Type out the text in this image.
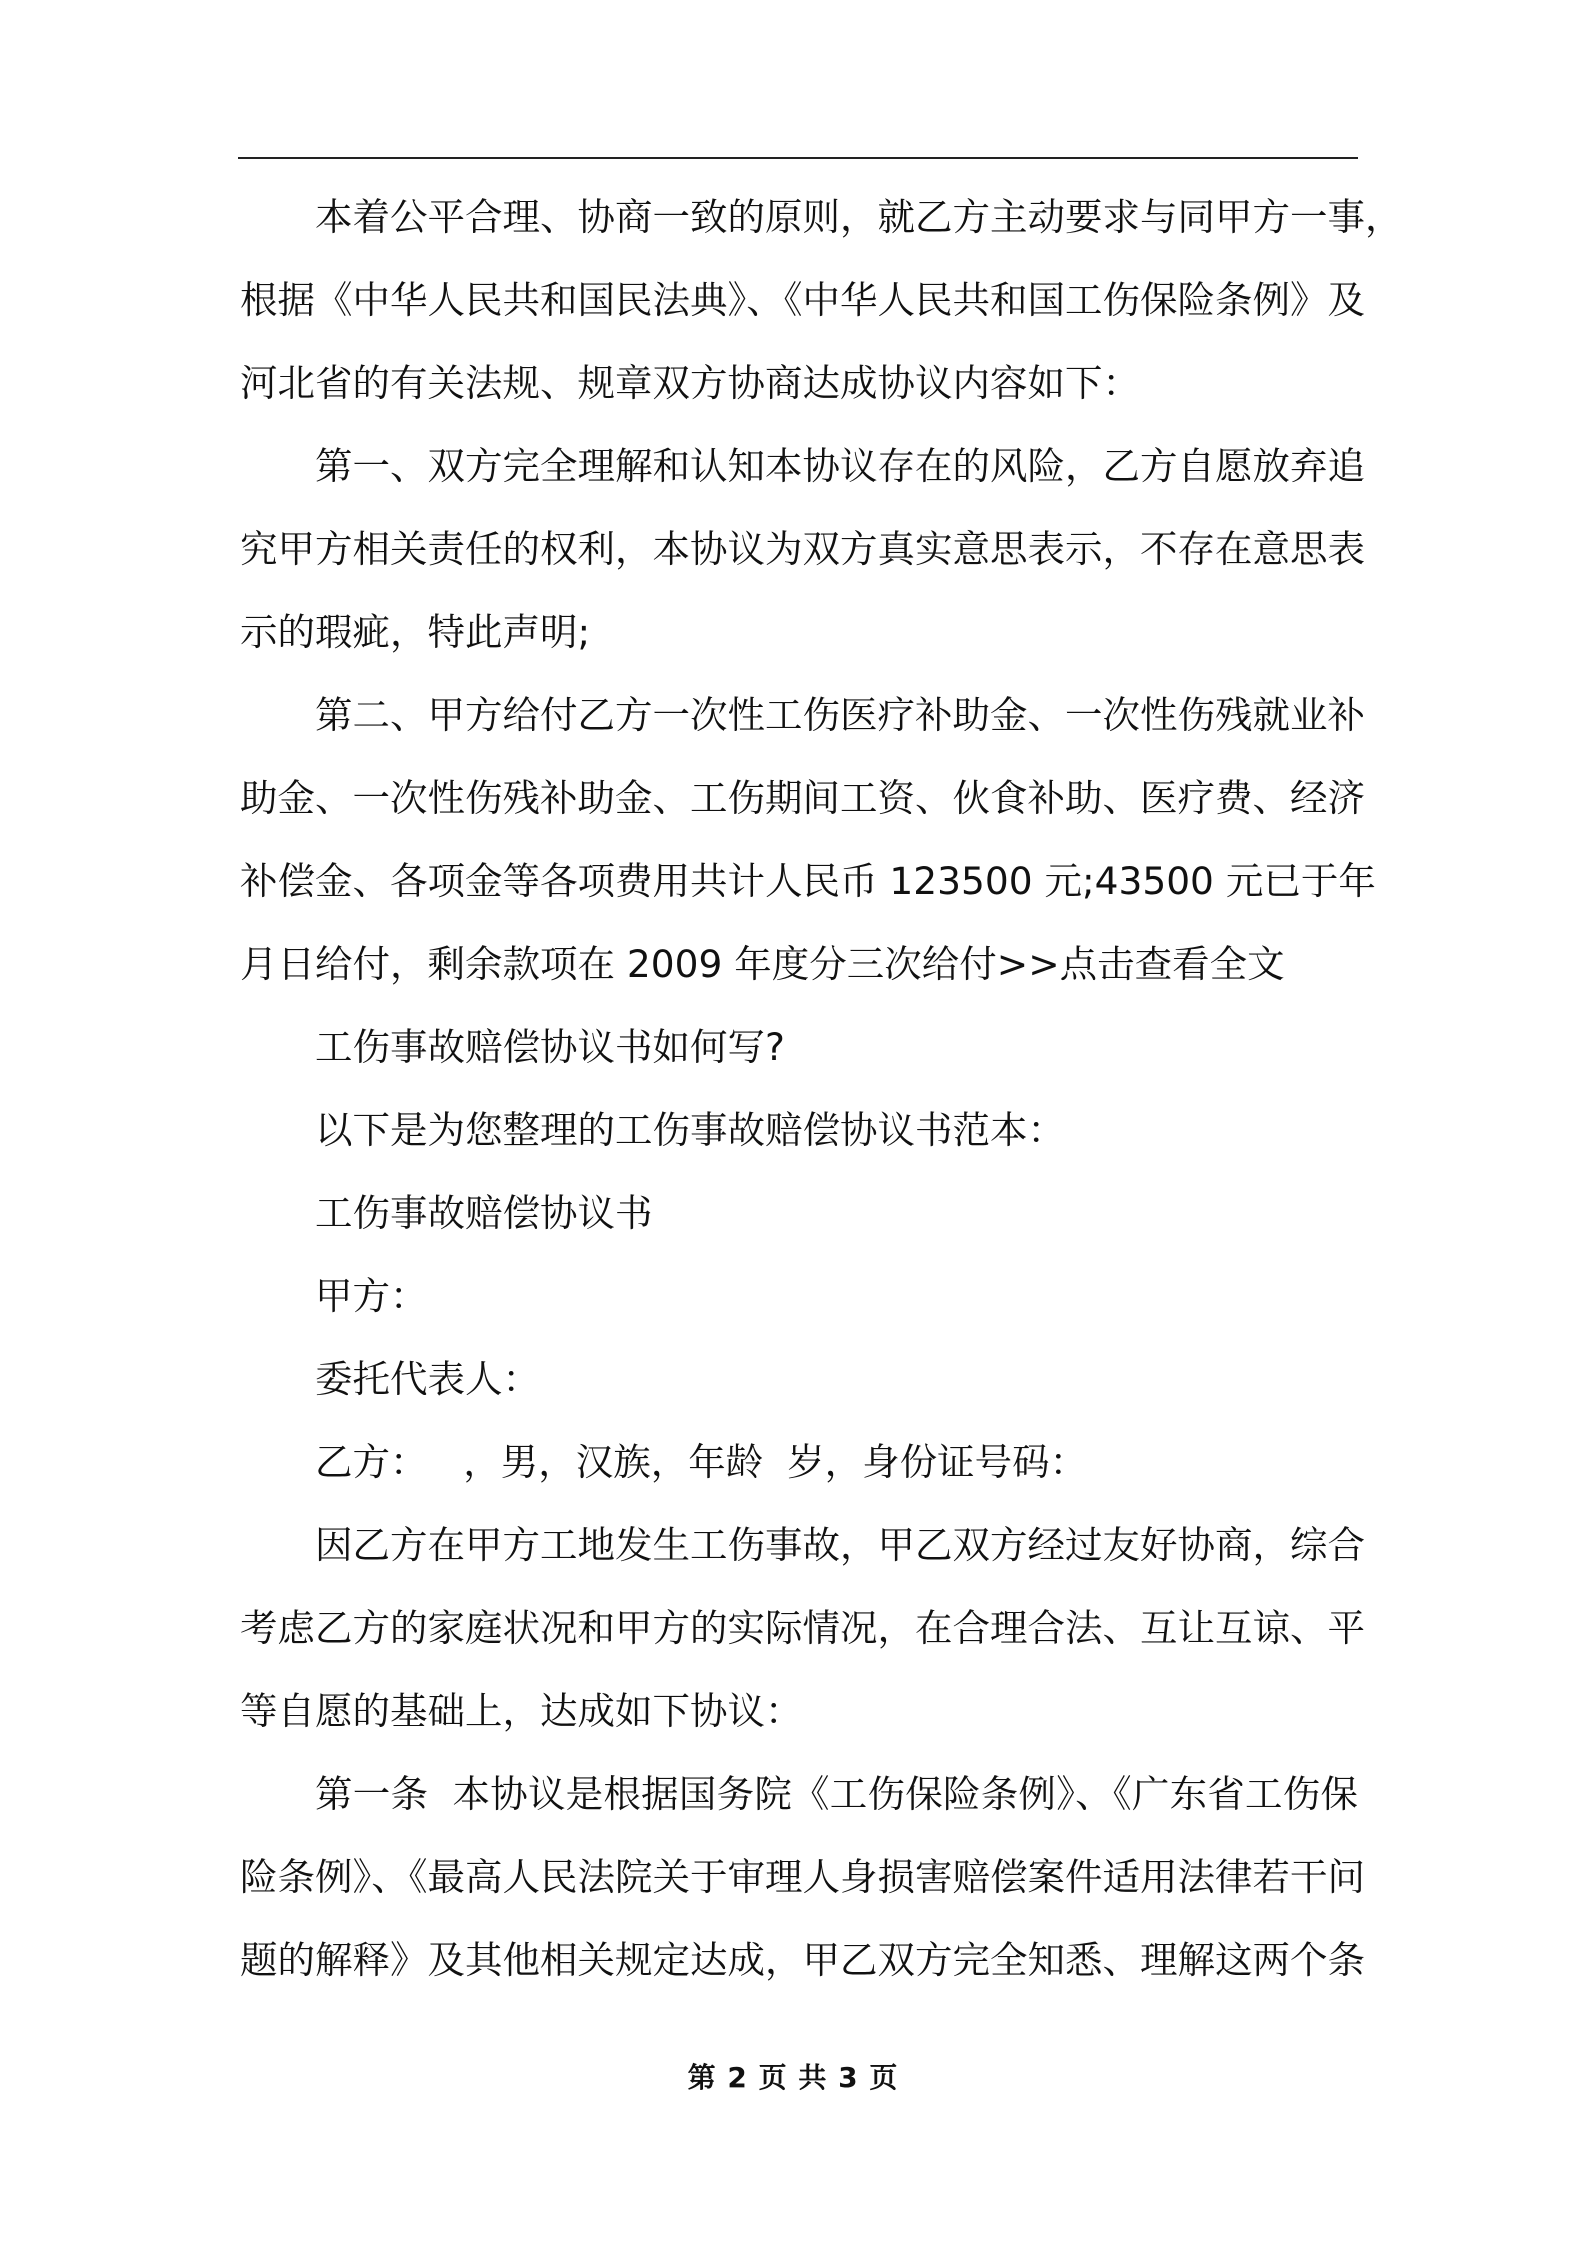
本着公平合理、协商一致的原则，就乙方主动要求与同甲方一事，
根据《中华人民共和国民法典》、《中华人民共和国工伤保险条例》及
河北省的有关法规、规章双方协商达成协议内容如下：
第一、双方完全理解和认知本协议存在的风险，乙方自愿放弃追
究甲方相关责任的权利，本协议为双方真实意思表示，不存在意思表
示的瑕疵，特此声明;
第二、甲方给付乙方一次性工伤医疗补助金、一次性伤残就业补
助金、一次性伤残补助金、工伤期间工资、伙食补助、医疗费、经济
补偿金、各项金等各项费用共计人民币 123500 元;43500 元已于年
月日给付，剩余款项在 2009 年度分三次给付>>点击查看全文
工伤事故赔偿协议书如何写?
以下是为您整理的工伤事故赔偿协议书范本：
工伤事故赔偿协议书
甲方：
委托代表人：
乙方：   ，男，汉族，年龄  岁，身份证号码：
因乙方在甲方工地发生工伤事故，甲乙双方经过友好协商，综合
考虑乙方的家庭状况和甲方的实际情况，在合理合法、互让互谅、平
等自愿的基础上，达成如下协议：
第一条  本协议是根据国务院《工伤保险条例》、《广东省工伤保
险条例》、《最高人民法院关于审理人身损害赔偿案件适用法律若干问
题的解释》及其他相关规定达成，甲乙双方完全知悉、理解这两个条
第 2 页 共 3 页
